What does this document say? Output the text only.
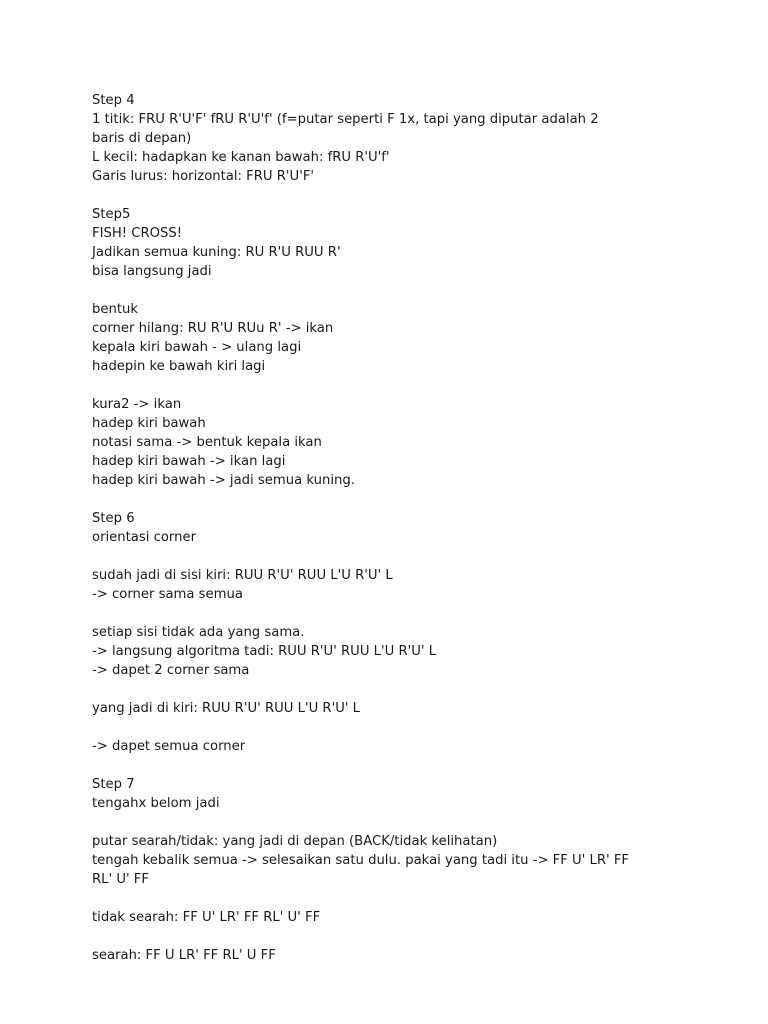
Step 4
1 titik: FRU R'U'F' fRU R'U'f' (f=putar seperti F 1x, tapi yang diputar adalah 2
baris di depan)
L kecil: hadapkan ke kanan bawah: fRU R'U'f'
Garis lurus: horizontal: FRU R'U'F'
Step5
FISH! CROSS!
Jadikan semua kuning: RU R'U RUU R'
bisa langsung jadi
bentuk
corner hilang: RU R'U RUu R' -> ikan
kepala kiri bawah - > ulang lagi
hadepin ke bawah kiri lagi
kura2 -> ikan
hadep kiri bawah
notasi sama -> bentuk kepala ikan
hadep kiri bawah -> ikan lagi
hadep kiri bawah -> jadi semua kuning.
Step 6
orientasi corner
sudah jadi di sisi kiri: RUU R'U' RUU L'U R'U' L
-> corner sama semua
setiap sisi tidak ada yang sama.
-> langsung algoritma tadi: RUU R'U' RUU L'U R'U' L
-> dapet 2 corner sama
yang jadi di kiri: RUU R'U' RUU L'U R'U' L
-> dapet semua corner
Step 7
tengahx belom jadi
putar searah/tidak: yang jadi di depan (BACK/tidak kelihatan)
tengah kebalik semua -> selesaikan satu dulu. pakai yang tadi itu -> FF U' LR' FF
RL' U' FF
tidak searah: FF U' LR' FF RL' U' FF
searah: FF U LR' FF RL' U FF
